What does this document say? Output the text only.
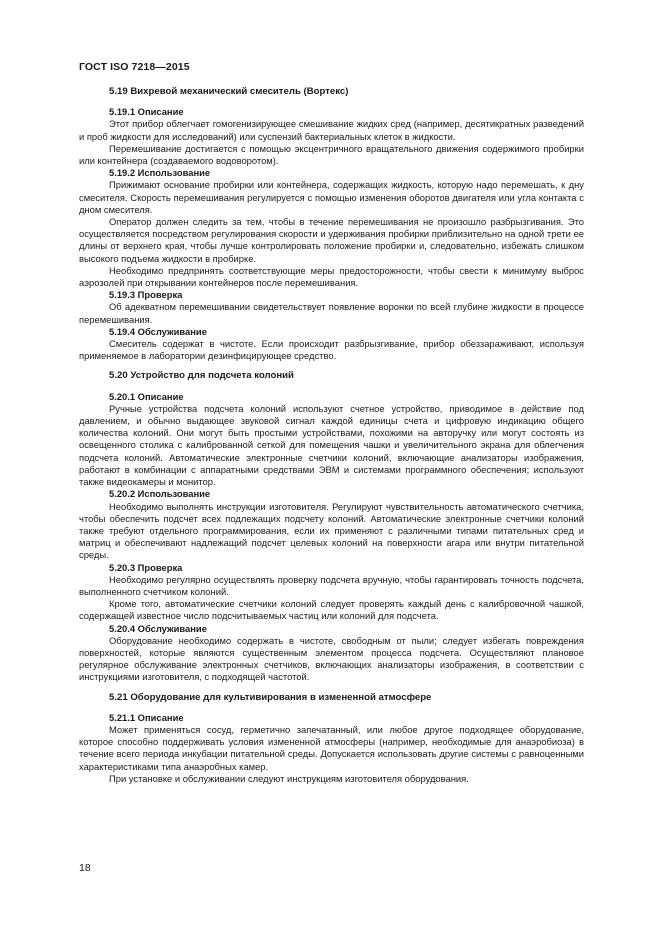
ГОСТ ISO 7218—2015
5.19 Вихревой механический смеситель (Вортекс)
5.19.1 Описание

Этот прибор облегчает гомогенизирующее смешивание жидких сред (например, десятикратных разведений и проб жидкости для исследований) или суспензий бактериальных клеток в жидкости.

Перемешивание достигается с помощью эксцентричного вращательного движения содержимого пробирки или контейнера (создаваемого водоворотом).

5.19.2 Использование

Прижимают основание пробирки или контейнера, содержащих жидкость, которую надо перемешать, к дну смесителя. Скорость перемешивания регулируется с помощью изменения оборотов двигателя или угла контакта с дном смесителя.

Оператор должен следить за тем, чтобы в течение перемешивания не произошло разбрызгивания. Это осуществляется посредством регулирования скорости и удерживания пробирки приблизительно на одной трети ее длины от верхнего края, чтобы лучше контролировать положение пробирки и, следовательно, избежать слишком высокого подъема жидкости в пробирке.

Необходимо предпринять соответствующие меры предосторожности, чтобы свести к минимуму выброс аэрозолей при открывании контейнеров после перемешивания.

5.19.3 Проверка

Об адекватном перемешивании свидетельствует появление воронки по всей глубине жидкости в процессе перемешивания.

5.19.4 Обслуживание

Смеситель содержат в чистоте. Если происходит разбрызгивание, прибор обеззараживают, используя применяемое в лаборатории дезинфицирующее средство.

5.20 Устройство для подсчета колоний
5.20.1 Описание

Ручные устройства подсчета колоний используют счетное устройство, приводимое в действие под давлением, и обычно выдающее звуковой сигнал каждой единицы счета и цифровую индикацию общего количества колоний. Они могут быть простыми устройствами, похожими на авторучку или могут состоять из освещенного столика с калиброванной сеткой для помещения чашки и увеличительного экрана для облегчения подсчета колоний. Автоматические электронные счетчики колоний, включающие анализаторы изображения, работают в комбинации с аппаратными средствами ЭВМ и системами программного обеспечения; используют также видеокамеры и монитор.

5.20.2 Использование

Необходимо выполнять инструкции изготовителя. Регулируют чувствительность автоматического счетчика, чтобы обеспечить подсчет всех подлежащих подсчету колоний. Автоматические электронные счетчики колоний также требуют отдельного программирования, если их применяют с различными типами питательных сред и матриц и обеспечивают надлежащий подсчет целевых колоний на поверхности агара или внутри питательной среды.

5.20.3 Проверка

Необходимо регулярно осуществлять проверку подсчета вручную, чтобы гарантировать точность подсчета, выполненного счетчиком колоний.

Кроме того, автоматические счетчики колоний следует проверять каждый день с калибровочной чашкой, содержащей известное число подсчитываемых частиц или колоний для подсчета.

5.20.4 Обслуживание

Оборудование необходимо содержать в чистоте, свободным от пыли; следует избегать повреждения поверхностей, которые являются существенным элементом процесса подсчета. Осуществляют плановое регулярное обслуживание электронных счетчиков, включающих анализаторы изображения, в соответствии с инструкциями изготовителя, с подходящей частотой.

5.21 Оборудование для культивирования в измененной атмосфере
5.21.1 Описание

Может применяться сосуд, герметично запечатанный, или любое другое подходящее оборудование, которое способно поддерживать условия измененной атмосферы (например, необходимые для анаэробиоза) в течение всего периода инкубации питательной среды. Допускается использовать другие системы с равноценными характеристиками типа анаэробных камер.

При установке и обслуживании следуют инструкциям изготовителя оборудования.

18
